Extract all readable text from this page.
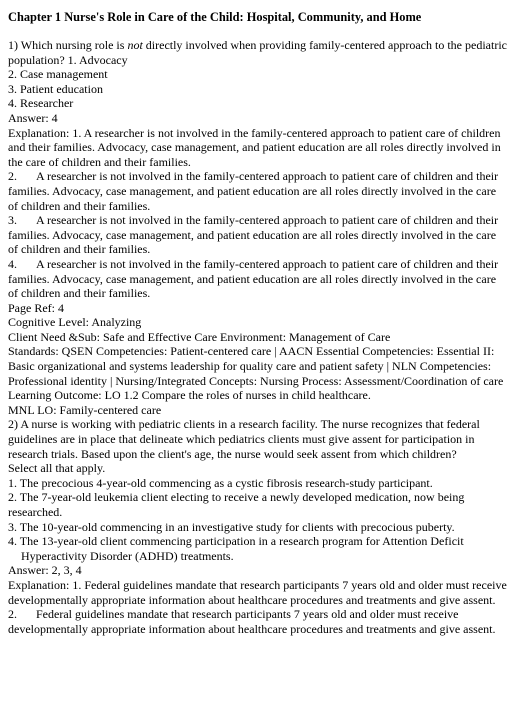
Chapter 1 Nurse's Role in Care of the Child: Hospital, Community, and Home

1) Which nursing role is not directly involved when providing family-centered approach to the pediatric population? 1. Advocacy

2. Case management

3. Patient education

4. Researcher

Answer: 4

Explanation: 1. A researcher is not involved in the family-centered approach to patient care of children and their families. Advocacy, case management, and patient education are all roles directly involved in the care of children and their families.

2. A researcher is not involved in the family-centered approach to patient care of children and their families. Advocacy, case management, and patient education are all roles directly involved in the care of children and their families.

3. A researcher is not involved in the family-centered approach to patient care of children and their families. Advocacy, case management, and patient education are all roles directly involved in the care of children and their families.

4. A researcher is not involved in the family-centered approach to patient care of children and their families. Advocacy, case management, and patient education are all roles directly involved in the care of children and their families.

Page Ref: 4

Cognitive Level: Analyzing

Client Need &Sub: Safe and Effective Care Environment: Management of Care

Standards: QSEN Competencies: Patient-centered care | AACN Essential Competencies: Essential II: Basic organizational and systems leadership for quality care and patient safety | NLN Competencies: Professional identity | Nursing/Integrated Concepts: Nursing Process: Assessment/Coordination of care

Learning Outcome: LO 1.2 Compare the roles of nurses in child healthcare.

MNL LO: Family-centered care

2) A nurse is working with pediatric clients in a research facility. The nurse recognizes that federal guidelines are in place that delineate which pediatrics clients must give assent for participation in research trials. Based upon the client's age, the nurse would seek assent from which children?

Select all that apply.

1. The precocious 4-year-old commencing as a cystic fibrosis research-study participant.

2. The 7-year-old leukemia client electing to receive a newly developed medication, now being researched.

3. The 10-year-old commencing in an investigative study for clients with precocious puberty.

4. The 13-year-old client commencing participation in a research program for Attention Deficit Hyperactivity Disorder (ADHD) treatments.

Answer: 2, 3, 4

Explanation: 1. Federal guidelines mandate that research participants 7 years old and older must receive developmentally appropriate information about healthcare procedures and treatments and give assent.

2. Federal guidelines mandate that research participants 7 years old and older must receive developmentally appropriate information about healthcare procedures and treatments and give assent.
